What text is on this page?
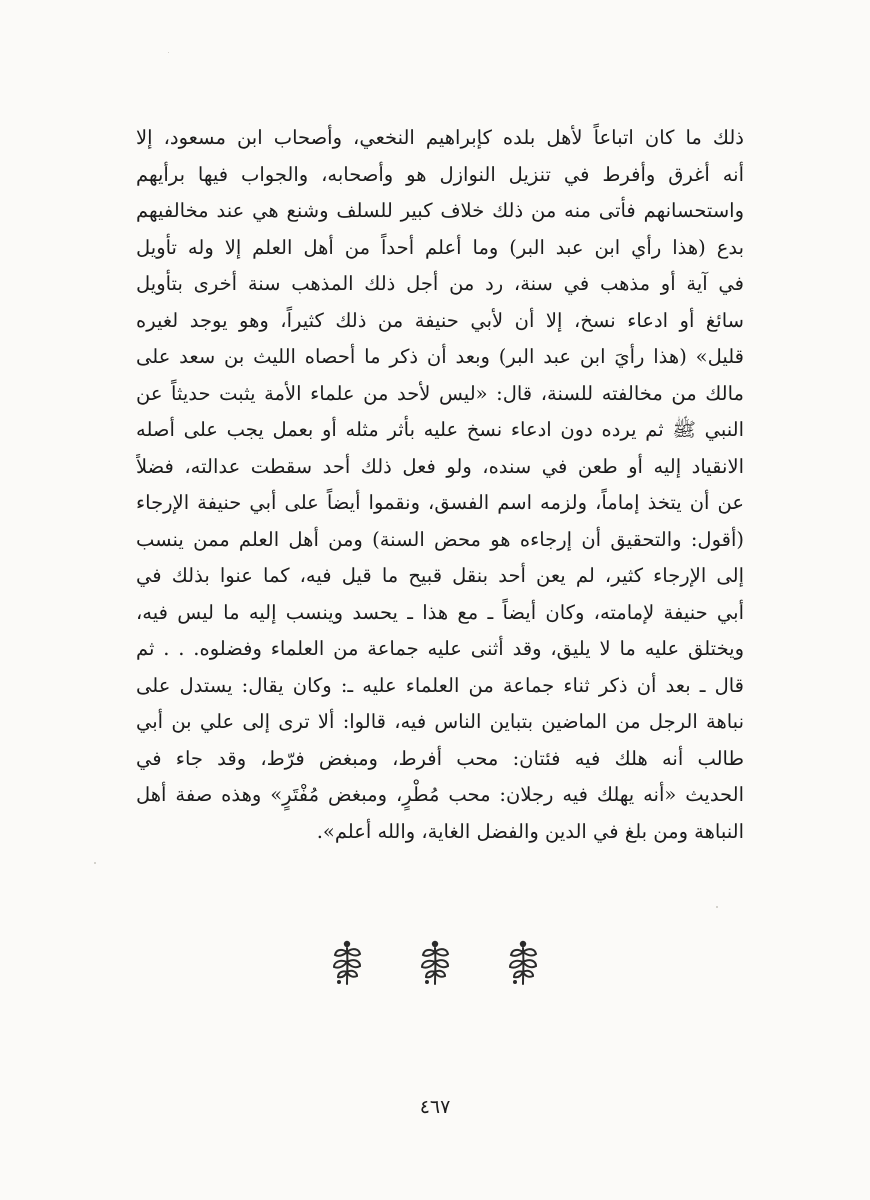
ذلك ما كان اتباعاً لأهل بلده كإبراهيم النخعي، وأصحاب ابن مسعود، إلا
أنه أغرق وأفرط في تنزيل النوازل هو وأصحابه، والجواب فيها برأيهم
واستحسانهم فأتى منه من ذلك خلاف كبير للسلف وشنع هي عند مخالفيهم
بدع (هذا رأي ابن عبد البر) وما أعلم أحداً من أهل العلم إلا وله تأويل
في آية أو مذهب في سنة، رد من أجل ذلك المذهب سنة أخرى بتأويل
سائغ أو ادعاء نسخ، إلا أن لأبي حنيفة من ذلك كثيراً، وهو يوجد لغيره
قليل» (هذا رأيَ ابن عبد البر) وبعد أن ذكر ما أحصاه الليث بن سعد على
مالك من مخالفته للسنة، قال: «ليس لأحد من علماء الأمة يثبت حديثاً عن
النبي ﷺ ثم يرده دون ادعاء نسخ عليه بأثر مثله أو بعمل يجب على أصله
الانقياد إليه أو طعن في سنده، ولو فعل ذلك أحد سقطت عدالته، فضلاً
عن أن يتخذ إماماً، ولزمه اسم الفسق، ونقموا أيضاً على أبي حنيفة الإرجاء
(أقول: والتحقيق أن إرجاءه هو محض السنة) ومن أهل العلم ممن ينسب
إلى الإرجاء كثير، لم يعن أحد بنقل قبيح ما قيل فيه، كما عنوا بذلك في
أبي حنيفة لإمامته، وكان أيضاً ـ مع هذا ـ يحسد وينسب إليه ما ليس فيه،
ويختلق عليه ما لا يليق، وقد أثنى عليه جماعة من العلماء وفضلوه. . . ثم
قال ـ بعد أن ذكر ثناء جماعة من العلماء عليه ـ: وكان يقال: يستدل على
نباهة الرجل من الماضين بتباين الناس فيه، قالوا: ألا ترى إلى علي بن أبي
طالب أنه هلك فيه فئتان: محب أفرط، ومبغض فرّط، وقد جاء في
الحديث «أنه يهلك فيه رجلان: محب مُطْرٍ، ومبغض مُفْتَرٍ» وهذه صفة أهل
النباهة ومن بلغ في الدين والفضل الغاية، والله أعلم».
٤٦٧
